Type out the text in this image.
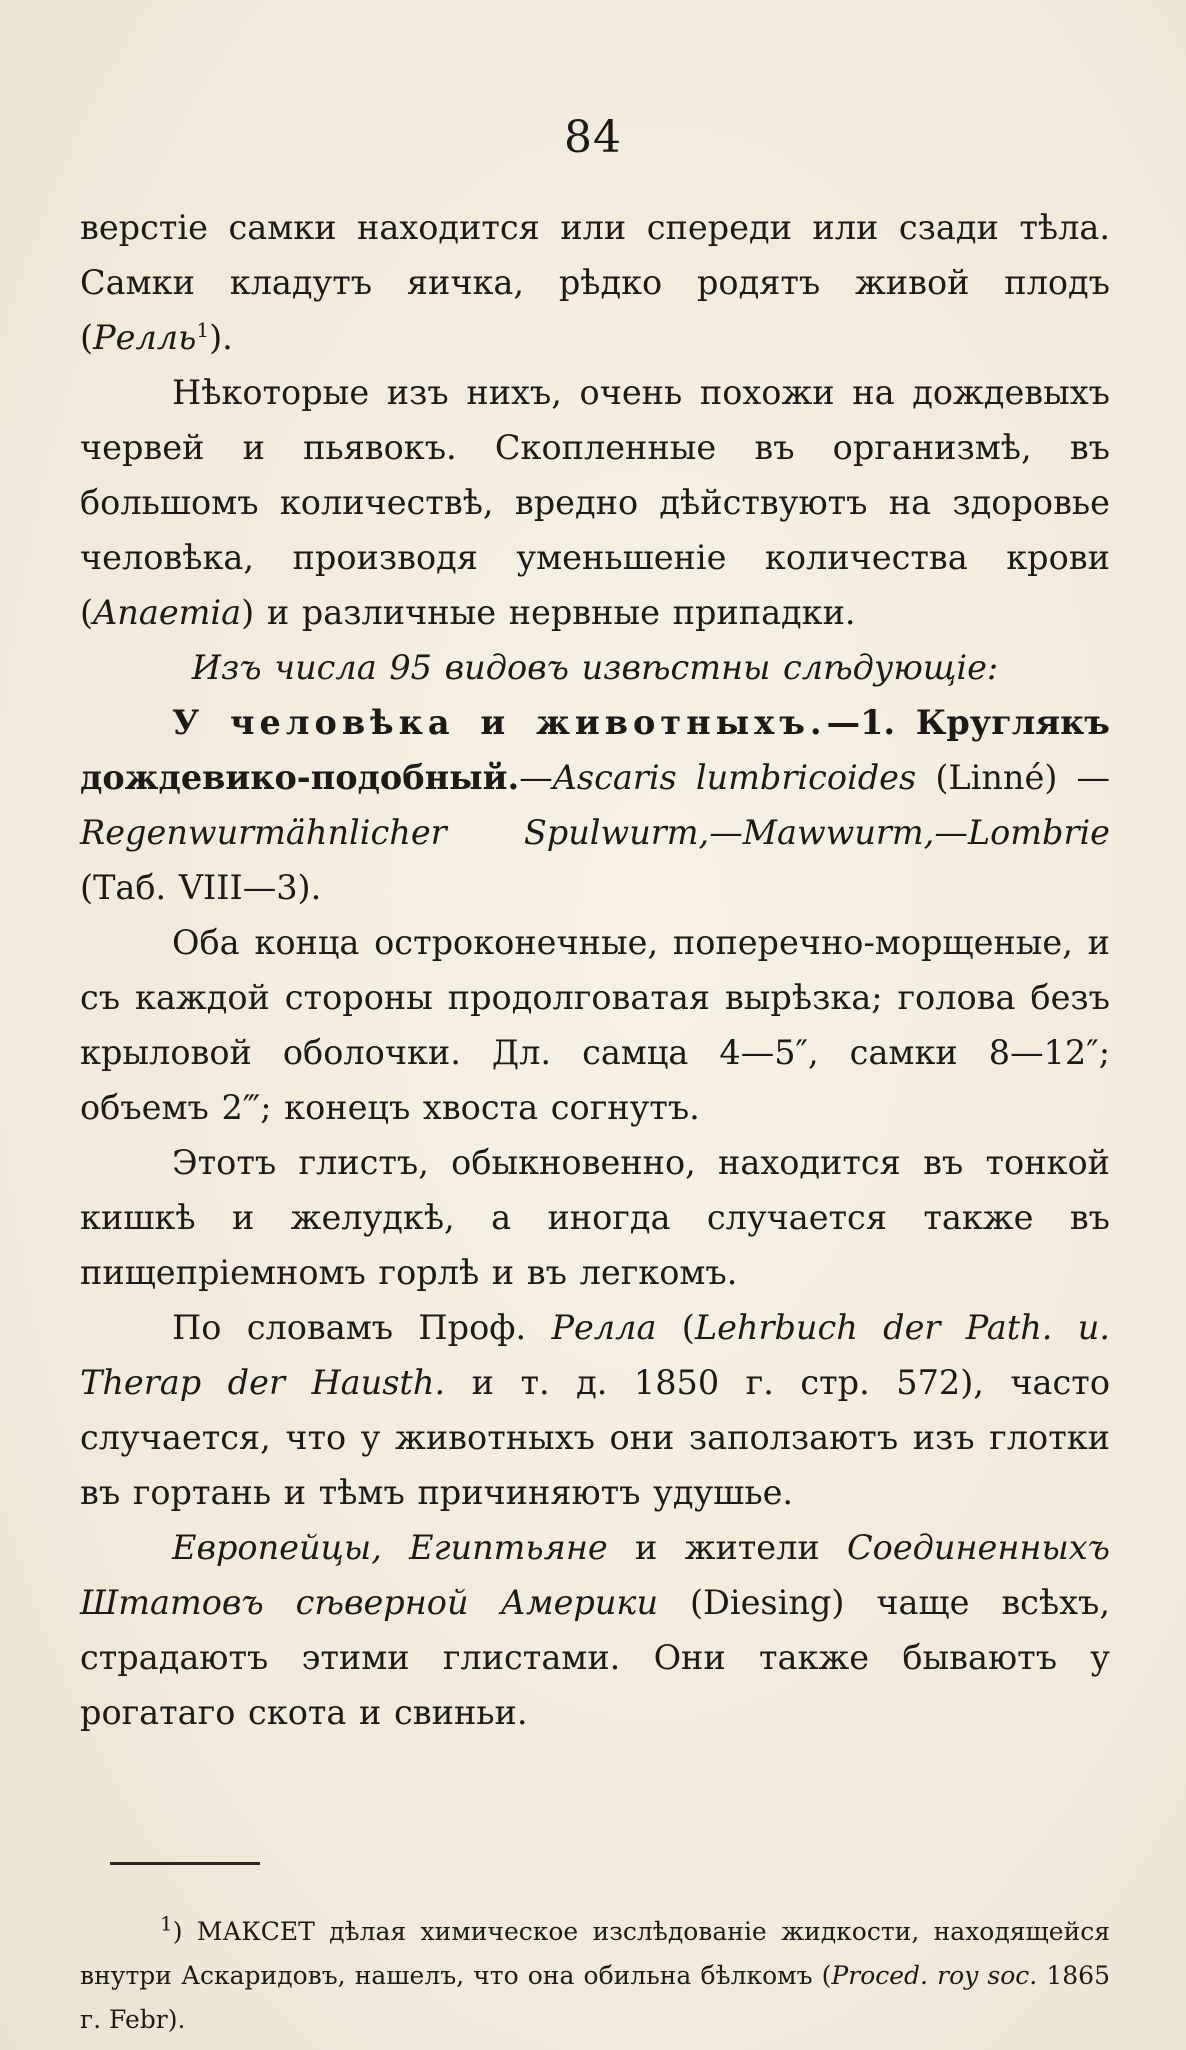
84

верстіе самки находится или спереди или сзади тѣла. Самки кладутъ яичка, рѣдко родятъ живой плодъ (Релль$^1$).

Нѣкоторые изъ нихъ, очень похожи на дождевыхъ червей и пьявокъ. Скопленные въ организмѣ, въ большомъ количествѣ, вредно дѣйствуютъ на здоровье человѣка, производя уменьшеніе количества крови (Anaemia) и различные нервные припадки.

Изъ числа 95 видовъ извѣстны слѣдующіе:

У человѣка и животныхъ.—1. Круглякъ дождевико-подобный.—Ascaris lumbricoides (Linné) — Regenwurmähnlicher Spulwurm,—Mawwurm,—Lombrie (Таб. VIII—3).

Оба конца остроконечные, поперечно-морщеные, и съ каждой стороны продолговатая вырѣзка; голова безъ крыловой оболочки. Дл. самца 4—5″, самки 8—12″; объемъ 2‴; конецъ хвоста согнутъ.

Этотъ глистъ, обыкновенно, находится въ тонкой кишкѣ и желудкѣ, а иногда случается также въ пищепріемномъ горлѣ и въ легкомъ.

По словамъ Проф. Релла (Lehrbuch der Path. u. Therap der Hausth. и т. д. 1850 г. стр. 572), часто случается, что у животныхъ они заползаютъ изъ глотки въ гортань и тѣмъ причиняютъ удушье.

Европейцы, Египтьяне и жители Соединенныхъ Штатовъ сѣверной Америки (Diesing) чаще всѣхъ, страдаютъ этими глистами. Они также бываютъ у рогатаго скота и свиньи.

$^1$) МАКСЕТ дѣлая химическое изслѣдованіе жидкости, находящейся внутри Аскаридовъ, нашелъ, что она обильна бѣлкомъ (Proced. roy soc. 1865 г. Febr).
